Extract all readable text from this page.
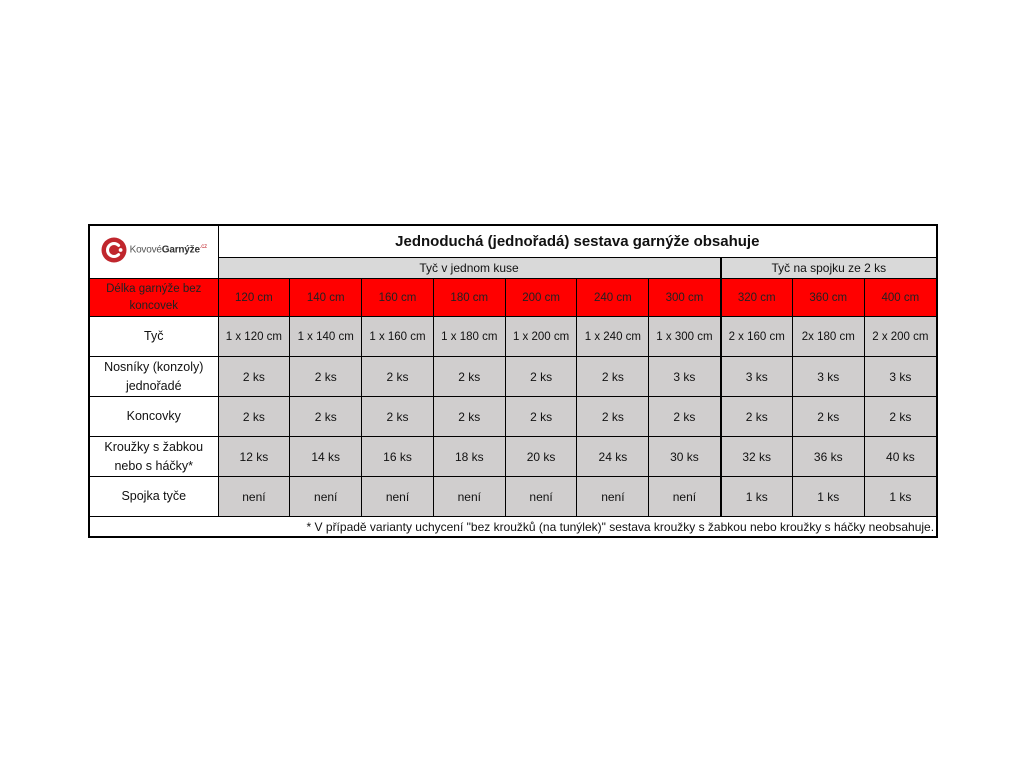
KovovéGarnýže$^{.cz}$	Jednoduchá (jednořadá) sestava garnýže obsahuje									
	Tyč v jednom kuse							Tyč na spojku ze 2 ks		
Délka garnýže bez koncovek	120 cm	140 cm	160 cm	180 cm	200 cm	240 cm	300 cm	320 cm	360 cm	400 cm
Tyč	1 x 120 cm	1 x 140 cm	1 x 160 cm	1 x 180 cm	1 x 200 cm	1 x 240 cm	1 x 300 cm	2 x 160 cm	2x 180 cm	2 x 200 cm
Nosníky (konzoly) jednořadé	2 ks	2 ks	2 ks	2 ks	2 ks	2 ks	3 ks	3 ks	3 ks	3 ks
Koncovky	2 ks	2 ks	2 ks	2 ks	2 ks	2 ks	2 ks	2 ks	2 ks	2 ks
Kroužky s žabkou nebo s háčky*	12 ks	14 ks	16 ks	18 ks	20 ks	24 ks	30 ks	32 ks	36 ks	40 ks
Spojka tyče	není	není	není	není	není	není	není	1 ks	1 ks	1 ks
* V případě varianty uchycení "bez kroužků (na tunýlek)" sestava kroužky s žabkou nebo kroužky s háčky neobsahuje.										
